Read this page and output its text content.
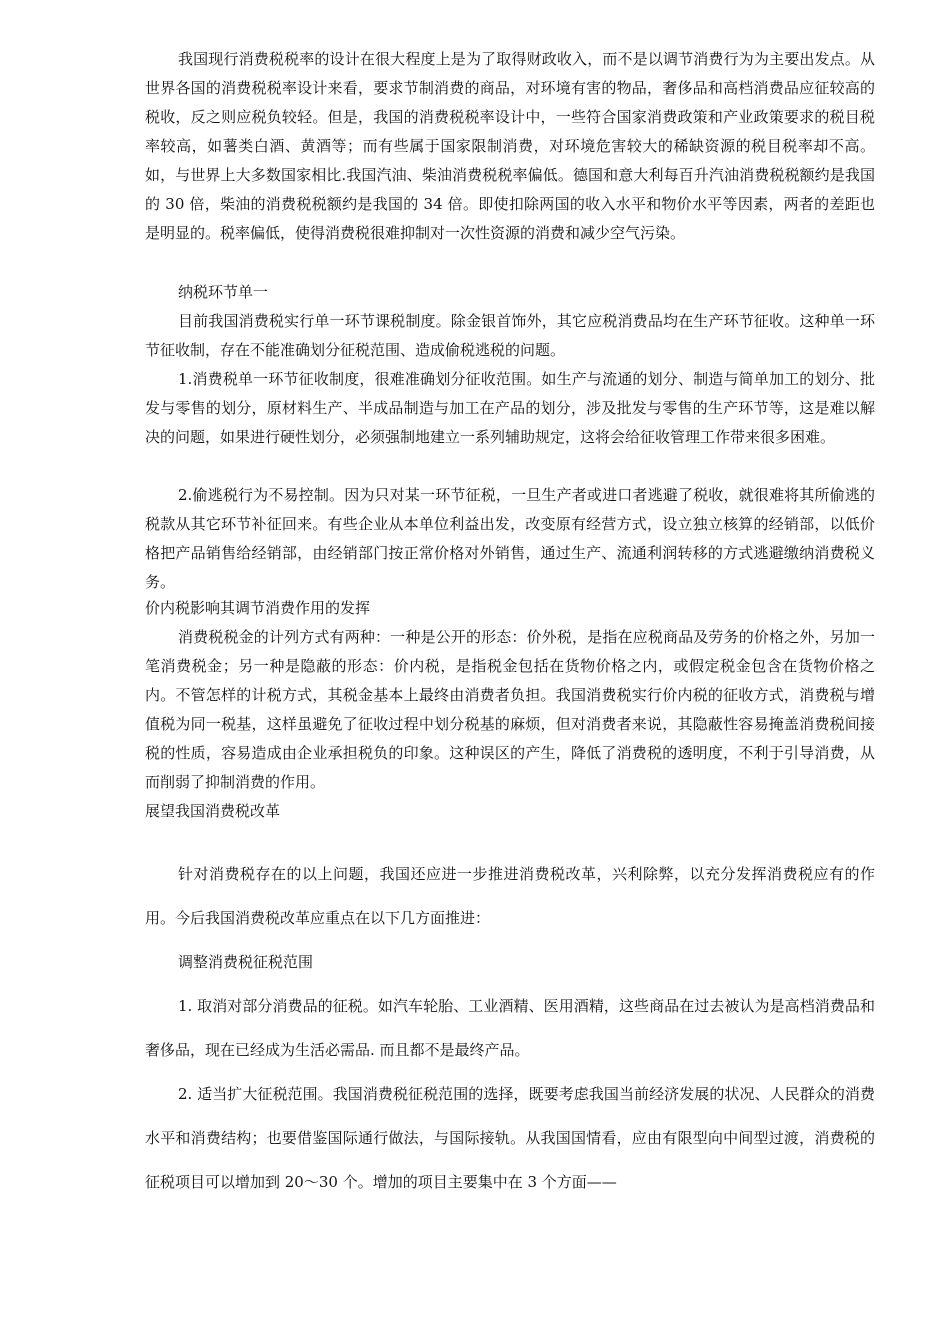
我国现行消费税税率的设计在很大程度上是为了取得财政收入，而不是以调节消费行为为主要出发点。从世界各国的消费税税率设计来看，要求节制消费的商品，对环境有害的物品，奢侈品和高档消费品应征较高的税收，反之则应税负较轻。但是，我国的消费税税率设计中，一些符合国家消费政策和产业政策要求的税目税率较高，如薯类白酒、黄酒等；而有些属于国家限制消费，对环境危害较大的稀缺资源的税目税率却不高。如，与世界上大多数国家相比.我国汽油、柴油消费税税率偏低。德国和意大利每百升汽油消费税税额约是我国的 30 倍，柴油的消费税税额约是我国的 34 倍。即使扣除两国的收入水平和物价水平等因素，两者的差距也是明显的。税率偏低，使得消费税很难抑制对一次性资源的消费和减少空气污染。

纳税环节单一

目前我国消费税实行单一环节课税制度。除金银首饰外，其它应税消费品均在生产环节征收。这种单一环节征收制，存在不能准确划分征税范围、造成偷税逃税的问题。

1.消费税单一环节征收制度，很难准确划分征收范围。如生产与流通的划分、制造与简单加工的划分、批发与零售的划分，原材料生产、半成品制造与加工在产品的划分，涉及批发与零售的生产环节等，这是难以解决的问题，如果进行硬性划分，必须强制地建立一系列辅助规定，这将会给征收管理工作带来很多困难。

2.偷逃税行为不易控制。因为只对某一环节征税，一旦生产者或进口者逃避了税收，就很难将其所偷逃的税款从其它环节补征回来。有些企业从本单位利益出发，改变原有经营方式，设立独立核算的经销部，以低价格把产品销售给经销部，由经销部门按正常价格对外销售，通过生产、流通利润转移的方式逃避缴纳消费税义务。

价内税影响其调节消费作用的发挥

消费税税金的计列方式有两种：一种是公开的形态：价外税，是指在应税商品及劳务的价格之外，另加一笔消费税金；另一种是隐蔽的形态：价内税，是指税金包括在货物价格之内，或假定税金包含在货物价格之内。不管怎样的计税方式，其税金基本上最终由消费者负担。我国消费税实行价内税的征收方式，消费税与增值税为同一税基，这样虽避免了征收过程中划分税基的麻烦，但对消费者来说，其隐蔽性容易掩盖消费税间接税的性质，容易造成由企业承担税负的印象。这种误区的产生，降低了消费税的透明度，不利于引导消费，从而削弱了抑制消费的作用。

展望我国消费税改革

针对消费税存在的以上问题，我国还应进一步推进消费税改革，兴利除弊，以充分发挥消费税应有的作用。今后我国消费税改革应重点在以下几方面推进：

调整消费税征税范围

1. 取消对部分消费品的征税。如汽车轮胎、工业酒精、医用酒精，这些商品在过去被认为是高档消费品和奢侈品，现在已经成为生活必需品. 而且都不是最终产品。

2. 适当扩大征税范围。我国消费税征税范围的选择，既要考虑我国当前经济发展的状况、人民群众的消费水平和消费结构；也要借鉴国际通行做法，与国际接轨。从我国国情看，应由有限型向中间型过渡，消费税的征税项目可以增加到 20～30 个。增加的项目主要集中在 3 个方面——
